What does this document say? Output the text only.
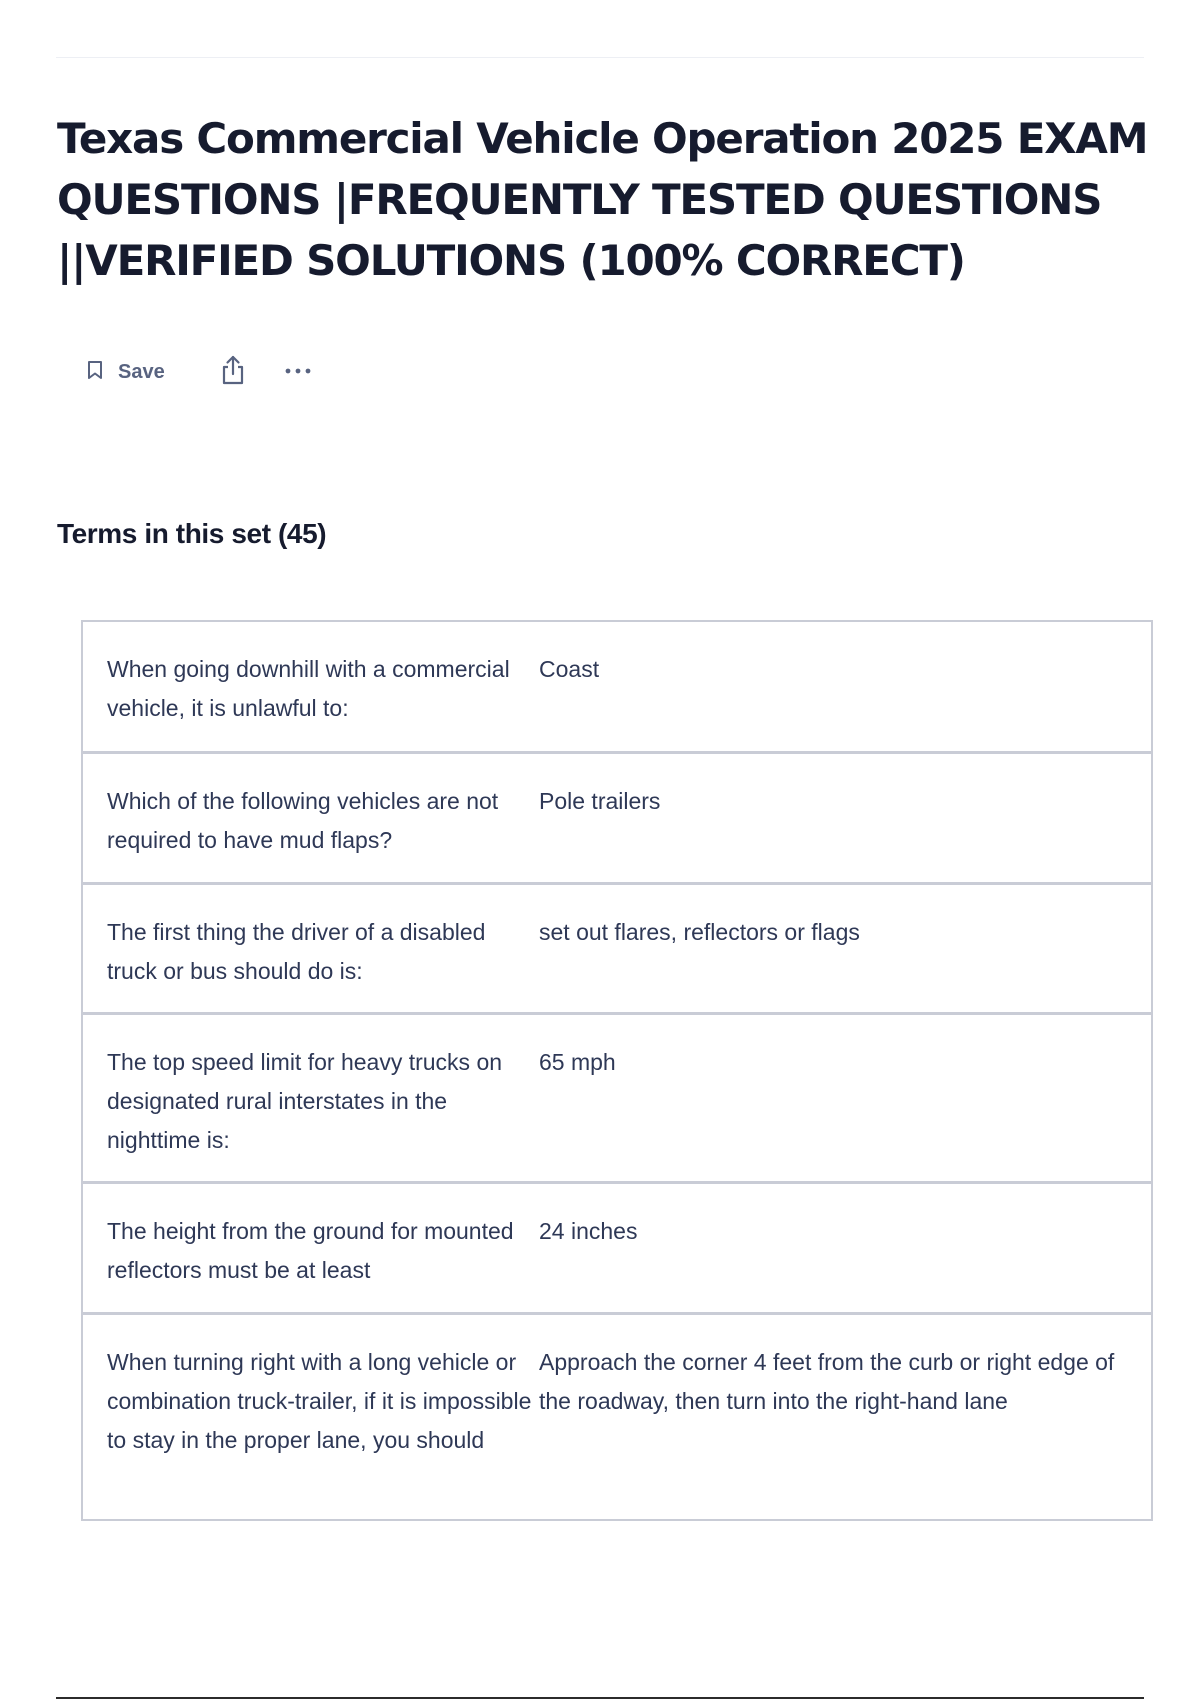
Texas Commercial Vehicle Operation 2025 EXAM QUESTIONS |FREQUENTLY TESTED QUESTIONS ||VERIFIED SOLUTIONS (100% CORRECT)
Save
Terms in this set (45)
When going downhill with a commercial vehicle, it is unlawful to:
Coast
Which of the following vehicles are not required to have mud flaps?
Pole trailers
The first thing the driver of a disabled truck or bus should do is:
set out flares, reflectors or flags
The top speed limit for heavy trucks on designated rural interstates in the nighttime is:
65 mph
The height from the ground for mounted reflectors must be at least
24 inches
When turning right with a long vehicle or combination truck-trailer, if it is impossible to stay in the proper lane, you should
Approach the corner 4 feet from the curb or right edge of the roadway, then turn into the right-hand lane
